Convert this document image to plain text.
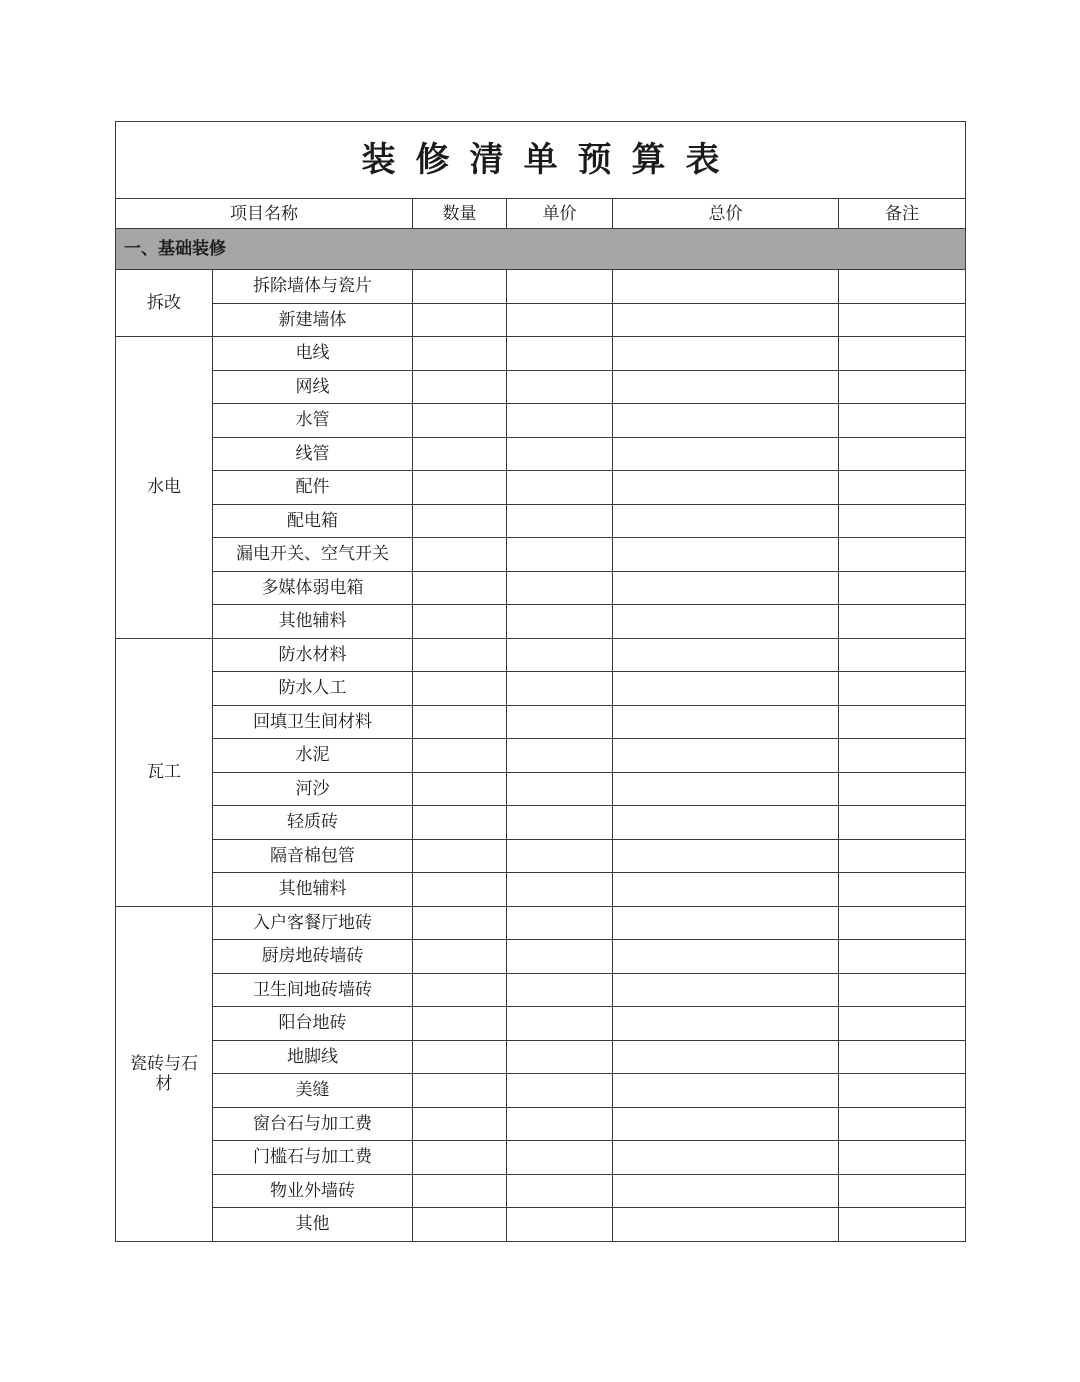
装修清单预算表					
项目名称		数量	单价	总价	备注
一、基础装修					
拆改	拆除墙体与瓷片				
	新建墙体				
水电	电线				
	网线				
	水管				
	线管				
	配件				
	配电箱				
	漏电开关、空气开关				
	多媒体弱电箱				
	其他辅料				
瓦工	防水材料				
	防水人工				
	回填卫生间材料				
	水泥				
	河沙				
	轻质砖				
	隔音棉包管				
	其他辅料				
瓷砖与石材	入户客餐厅地砖				
	厨房地砖墙砖				
	卫生间地砖墙砖				
	阳台地砖				
	地脚线				
	美缝				
	窗台石与加工费				
	门槛石与加工费				
	物业外墙砖				
	其他				
